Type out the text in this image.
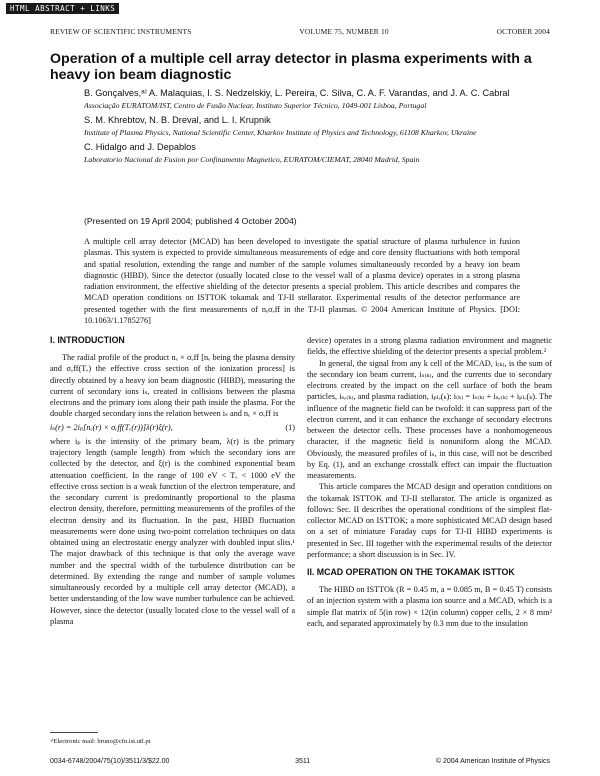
HTML ABSTRACT + LINKS
REVIEW OF SCIENTIFIC INSTRUMENTS	VOLUME 75, NUMBER 10	OCTOBER 2004
Operation of a multiple cell array detector in plasma experiments with a heavy ion beam diagnostic
B. Gonçalves,ᵃ⁾ A. Malaquias, I. S. Nedzelskiy, L. Pereira, C. Silva, C. A. F. Varandas, and J. A. C. Cabral
Associação EURATOM/IST, Centro de Fusão Nuclear, Instituto Superior Técnico, 1049-001 Lisboa, Portugal
S. M. Khrebtov, N. B. Dreval, and L. I. Krupnik
Institute of Plasma Physics, National Scientific Center, Kharkov Institute of Physics and Technology, 61108 Kharkov, Ukraine
C. Hidalgo and J. Depablos
Laboratorio Nacional de Fusion por Confinamento Magnetico, EURATOM/CIEMAT, 28040 Madrid, Spain
(Presented on 19 April 2004; published 4 October 2004)
A multiple cell array detector (MCAD) has been developed to investigate the spatial structure of plasma turbulence in fusion plasmas. This system is expected to provide simultaneous measurements of edge and core density fluctuations with both temporal and spatial resolution, extending the range and number of the sample volumes simultaneously recorded by a heavy ion beam diagnostic (HIBD). Since the detector (usually located close to the vessel wall of a plasma device) operates in a strong plasma radiation environment, the effective shielding of the detector presents a special problem. This article describes and compares the MCAD operation conditions on ISTTOK tokamak and TJ-II stellarator. Experimental results of the detector performance are presented together with the first measurements of nₑσₑff in the TJ-II plasmas. © 2004 American Institute of Physics. [DOI: 10.1063/1.1785276]

I. INTRODUCTION

The radial profile of the product nₑ × σₑff [nₑ being the plasma density and σₑff(Tₑ) the effective cross section of the ionization process] is directly obtained by a heavy ion beam diagnostic (HIBD), measuring the current of secondary ions iₛ, created in collisions between the plasma electrons and the primary ions along their path inside the plasma. For the double charged secondary ions the relation between iₛ and nₑ × σₑff is

iₛ(r) = 2iₚ[nₑ(r) × σₑff(Tₑ(r))]λ(r)ξ(r),	(1)

where iₚ is the intensity of the primary beam, λ(r) is the primary trajectory length (sample length) from which the secondary ions are collected by the detector, and ξ(r) is the combined exponential beam attenuation coefficient. In the range of 100 eV < Tₑ < 1000 eV the effective cross section is a weak function of the electron temperature, and the secondary current is predominantly proportional to the plasma electron density, therefore, permitting measurements of the profiles of the electron density and its fluctuation. In the past, HIBD fluctuation measurements were done using two-point correlation techniques on data obtained using an electrostatic energy analyzer with doubled input slits.¹ The major drawback of this technique is that only the average wave number and the spectral width of the turbulence distribution can be determined. By extending the range and number of sample volumes simultaneously recorded by a multiple cell array detector (MCAD), a better understanding of the low wave number turbulence can be achieved. However, since the detector (usually located close to the vessel wall of a plasma

device) operates in a strong plasma radiation environment and magnetic fields, the effective shielding of the detector presents a special problem.²

In general, the signal from any k cell of the MCAD, i₍ₖ₎, is the sum of the secondary ion beam current, iₛ₍ₖ₎, and the currents due to secondary electrons created by the impact on the cell surface of both the beam particles, iₛₑ₍ₖ₎, and plasma radiation, iₚₗₑ(ₖ): i₍ₖ₎ = iₛ₍ₖ₎ + iₛₑ₍ₖ₎ + iₚₗₑ(ₖ). The influence of the magnetic field can be twofold: it can suppress part of the electron current, and it can enhance the exchange of secondary electrons between the detector cells. These processes have a nonhomogeneous character, if the magnetic field is nonuniform along the MCAD. Obviously, the measured profiles of iₛ, in this case, will not be described by Eq. (1), and an exchange crosstalk effect can impair the fluctuation measurements.

This article compares the MCAD design and operation conditions on the tokamak ISTTOK and TJ-II stellarator. The article is organized as follows: Sec. II describes the operational conditions of the simplest flat-collector MCAD on ISTTOK; a more sophisticated MCAD design based on a set of miniature Faraday cups for TJ-II HIBD experiments is presented in Sec. III together with the experimental results of the detector performance; a short discussion is in Sec. IV.

II. MCAD OPERATION ON THE TOKAMAK ISTTOK

The HIBD on ISTTOk (R = 0.45 m, a = 0.085 m, B = 0.45 T) consists of an injection system with a plasma ion source and a MCAD, which is a simple flat matrix of 5(in row) × 12(in column) copper cells, 2 × 8 mm² each, and separated approximately by 0.3 mm due to the insulation

ᵃ⁾Electronic mail: bruno@cfn.ist.utl.pt
0034-6748/2004/75(10)/3511/3/$22.00	3511	© 2004 American Institute of Physics
